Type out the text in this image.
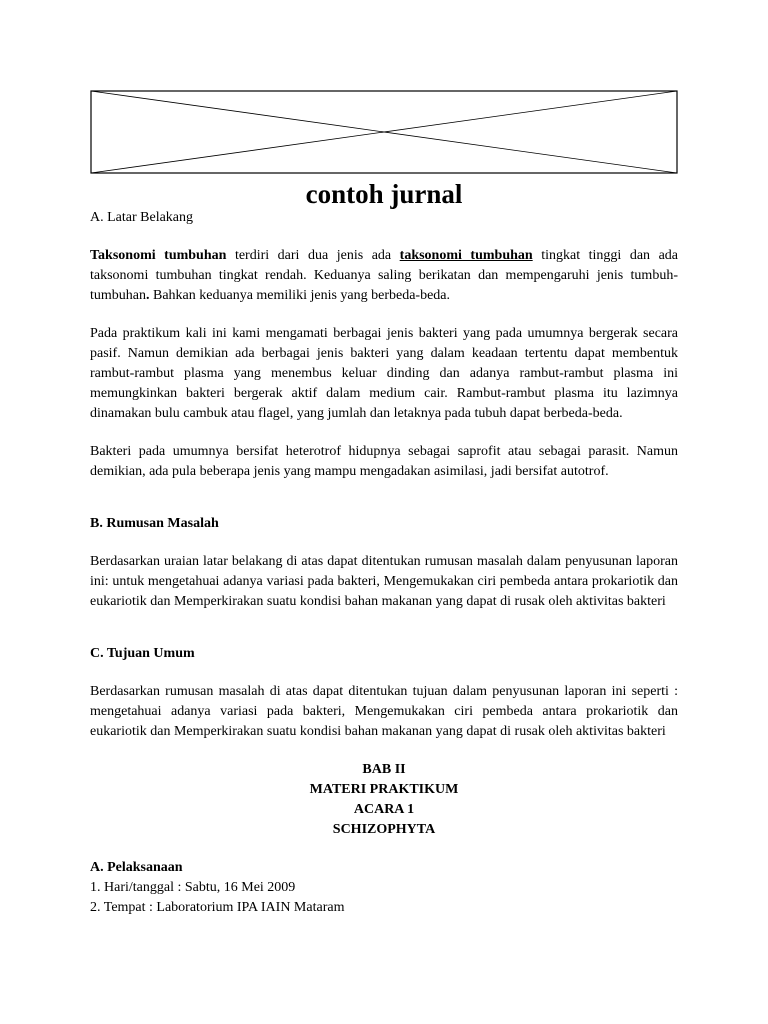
contoh jurnal

A. Latar Belakang

Taksonomi tumbuhan terdiri dari dua jenis ada taksonomi tumbuhan tingkat tinggi dan ada taksonomi tumbuhan tingkat rendah. Keduanya saling berikatan dan mempengaruhi jenis tumbuh-tumbuhan. Bahkan keduanya memiliki jenis yang berbeda-beda.

Pada praktikum kali ini kami mengamati berbagai jenis bakteri yang pada umumnya bergerak secara pasif. Namun demikian ada berbagai jenis bakteri yang dalam keadaan tertentu dapat membentuk rambut-rambut plasma yang menembus keluar dinding dan adanya rambut-rambut plasma ini memungkinkan bakteri bergerak aktif dalam medium cair. Rambut-rambut plasma itu lazimnya dinamakan bulu cambuk atau flagel, yang jumlah dan letaknya pada tubuh dapat berbeda-beda.

Bakteri pada umumnya bersifat heterotrof hidupnya sebagai saprofit atau sebagai parasit. Namun demikian, ada pula beberapa jenis yang mampu mengadakan asimilasi, jadi bersifat autotrof.

B. Rumusan Masalah

Berdasarkan uraian latar belakang di atas dapat ditentukan rumusan masalah dalam penyusunan laporan ini: untuk mengetahuai adanya variasi pada bakteri, Mengemukakan ciri pembeda antara prokariotik dan eukariotik dan Memperkirakan suatu kondisi bahan makanan yang dapat di rusak oleh aktivitas bakteri

C. Tujuan Umum

Berdasarkan rumusan masalah di atas dapat ditentukan tujuan dalam penyusunan laporan ini seperti : mengetahuai adanya variasi pada bakteri, Mengemukakan ciri pembeda antara prokariotik dan eukariotik dan Memperkirakan suatu kondisi bahan makanan yang dapat di rusak oleh aktivitas bakteri

BAB II

MATERI PRAKTIKUM

ACARA 1

SCHIZOPHYTA

A. Pelaksanaan

1. Hari/tanggal : Sabtu, 16 Mei 2009

2. Tempat : Laboratorium IPA IAIN Mataram
